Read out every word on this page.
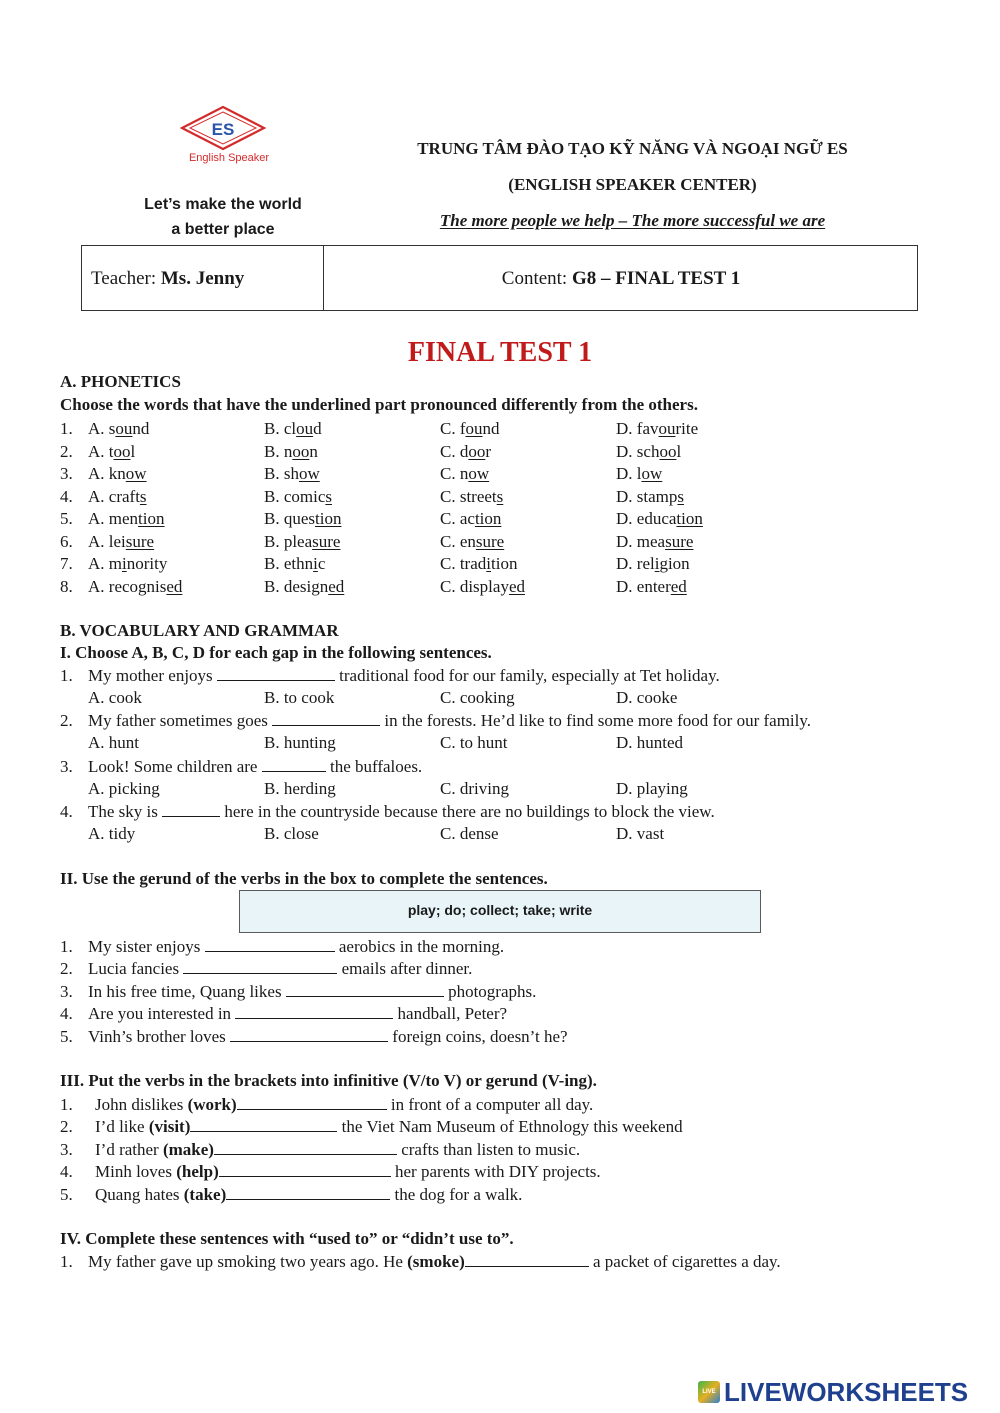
ES
English Speaker
Let’s make the world
a better place
TRUNG TÂM ĐÀO TẠO KỸ NĂNG VÀ NGOẠI NGỮ ES
(ENGLISH SPEAKER CENTER)
The more people we help – The more successful we are
Teacher: Ms. Jenny	Content: G8 – FINAL TEST 1
FINAL TEST 1
A. PHONETICS
Choose the words that have the underlined part pronounced differently from the others.
1. A. sound	B. cloud	C. found	D. favourite
2. A. tool	B. noon	C. door	D. school
3. A. know	B. show	C. now	D. low
4. A. crafts	B. comics	C. streets	D. stamps
5. A. mention	B. question	C. action	D. education
6. A. leisure	B. pleasure	C. ensure	D. measure
7. A. minority	B. ethnic	C. tradition	D. religion
8. A. recognised	B. designed	C. displayed	D. entered
B. VOCABULARY AND GRAMMAR
I. Choose A, B, C, D for each gap in the following sentences.
1. My mother enjoys	traditional food for our family, especially at Tet holiday.
A. cook	B. to cook	C. cooking	D. cooke
2. My father sometimes goes	in the forests. He’d like to find some more food for our family.
A. hunt	B. hunting	C. to hunt	D. hunted
3. Look! Some children are	the buffaloes.
A. picking	B. herding	C. driving	D. playing
4. The sky is	here in the countryside because there are no buildings to block the view.
A. tidy	B. close	C. dense	D. vast
II. Use the gerund of the verbs in the box to complete the sentences.
play; do; collect; take; write
1. My sister enjoys	aerobics in the morning.
2. Lucia fancies	emails after dinner.
3. In his free time, Quang likes	photographs.
4. Are you interested in	handball, Peter?
5. Vinh’s brother loves	foreign coins, doesn’t he?
III. Put the verbs in the brackets into infinitive (V/to V) or gerund (V-ing).
1. John dislikes (work)	in front of a computer all day.
2. I’d like (visit)	the Viet Nam Museum of Ethnology this weekend
3. I’d rather (make)	crafts than listen to music.
4. Minh loves (help)	her parents with DIY projects.
5. Quang hates (take)	the dog for a walk.
IV. Complete these sentences with “used to” or “didn’t use to”.
1. My father gave up smoking two years ago. He (smoke)	a packet of cigarettes a day.
LIVE LIVEWORKSHEETS
